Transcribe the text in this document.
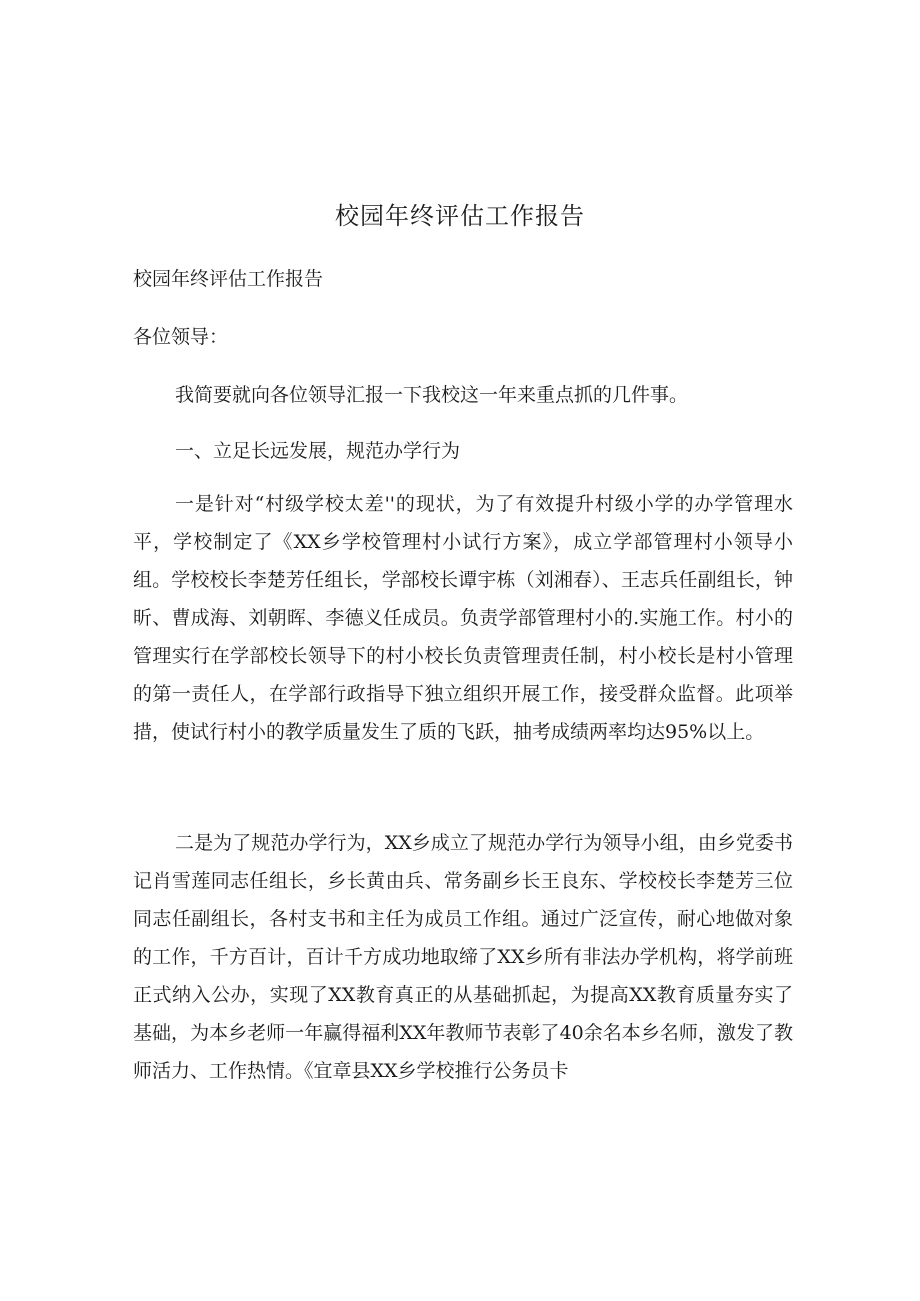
校园年终评估工作报告

校园年终评估工作报告

各位领导：

我简要就向各位领导汇报一下我校这一年来重点抓的几件事。

一、立足长远发展，规范办学行为

一是针对“村级学校太差''的现状，为了有效提升村级小学的办学管理水平，学校制定了《XX乡学校管理村小试行方案》，成立学部管理村小领导小组。学校校长李楚芳任组长，学部校长谭宇栋（刘湘春）、王志兵任副组长，钟昕、曹成海、刘朝晖、李德义任成员。负责学部管理村小的.实施工作。村小的管理实行在学部校长领导下的村小校长负责管理责任制，村小校长是村小管理的第一责任人，在学部行政指导下独立组织开展工作，接受群众监督。此项举措，使试行村小的教学质量发生了质的飞跃，抽考成绩两率均达95%以上。

二是为了规范办学行为，XX乡成立了规范办学行为领导小组，由乡党委书记肖雪莲同志任组长，乡长黄由兵、常务副乡长王良东、学校校长李楚芳三位同志任副组长，各村支书和主任为成员工作组。通过广泛宣传，耐心地做对象的工作，千方百计，百计千方成功地取缔了XX乡所有非法办学机构，将学前班正式纳入公办，实现了XX教育真正的从基础抓起，为提高XX教育质量夯实了基础，为本乡老师一年赢得福利XX年教师节表彰了40余名本乡名师，激发了教师活力、工作热情。《宜章县XX乡学校推行公务员卡
